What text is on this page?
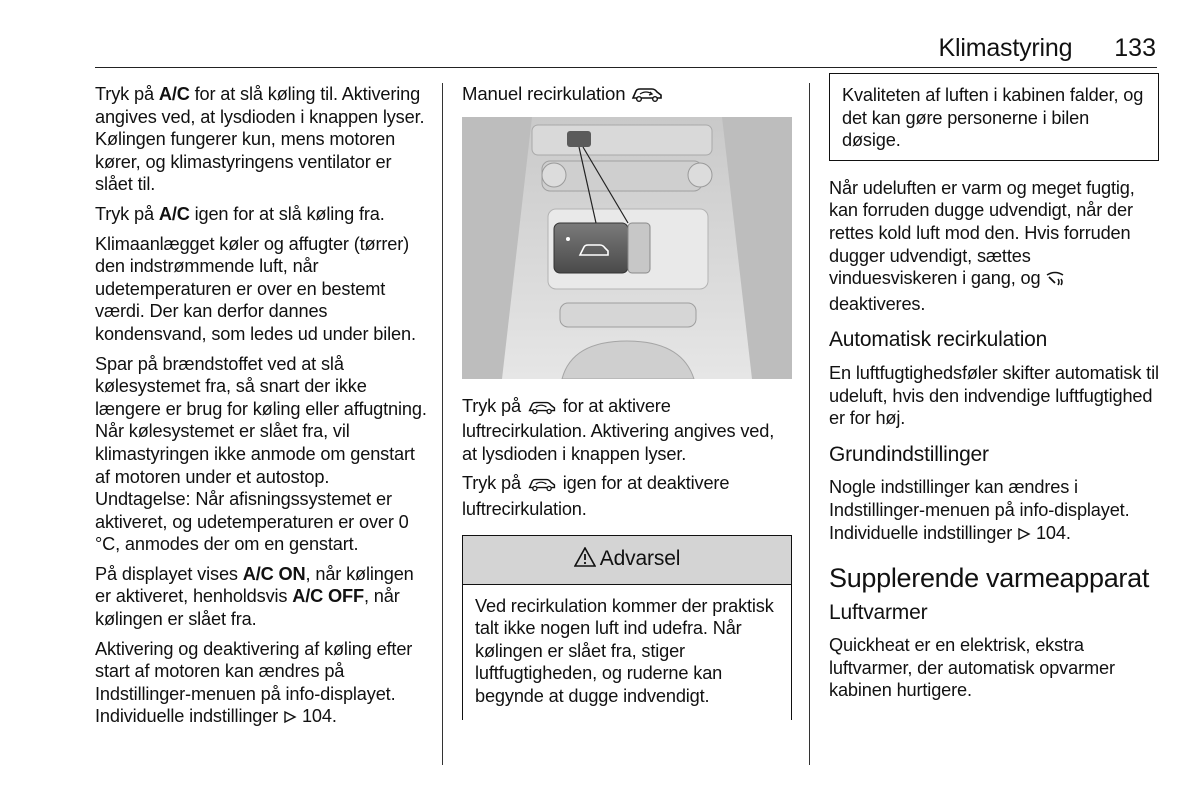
Klimastyring 133

Tryk på A/C for at slå køling til. Aktivering angives ved, at lysdioden i knappen lyser. Kølingen fungerer kun, mens motoren kører, og klimastyringens ventilator er slået til.

Tryk på A/C igen for at slå køling fra.

Klimaanlægget køler og affugter (tørrer) den indstrømmende luft, når udetemperaturen er over en bestemt værdi. Der kan derfor dannes kondensvand, som ledes ud under bilen.

Spar på brændstoffet ved at slå kølesystemet fra, så snart der ikke længere er brug for køling eller affugtning. Når kølesystemet er slået fra, vil klimastyringen ikke anmode om genstart af motoren under et autostop. Undtagelse: Når afisningssystemet er aktiveret, og udetemperaturen er over 0 °C, anmodes der om en genstart.

På displayet vises A/C ON, når kølingen er aktiveret, henholdsvis A/C OFF, når kølingen er slået fra.

Aktivering og deaktivering af køling efter start af motoren kan ændres på Indstillinger-menuen på info-displayet. Individuelle indstillinger  104.

Manuel recirkulation

Tryk på  for at aktivere luftrecirkulation. Aktivering angives ved, at lysdioden i knappen lyser.

Tryk på  igen for at deaktivere luftrecirkulation.

Advarsel
Ved recirkulation kommer der praktisk talt ikke nogen luft ind udefra. Når kølingen er slået fra, stiger luftfugtigheden, og ruderne kan begynde at dugge indvendigt.
Kvaliteten af luften i kabinen falder, og det kan gøre personerne i bilen døsige.

Når udeluften er varm og meget fugtig, kan forruden dugge udvendigt, når der rettes kold luft mod den. Hvis forruden dugger udvendigt, sættes vinduesviskeren i gang, og  deaktiveres.

Automatisk recirkulation

En luftfugtighedsføler skifter automatisk til udeluft, hvis den indvendige luftfugtighed er for høj.

Grundindstillinger

Nogle indstillinger kan ændres i Indstillinger-menuen på info-displayet. Individuelle indstillinger  104.

Supplerende varmeapparat
Luftvarmer

Quickheat er en elektrisk, ekstra luftvarmer, der automatisk opvarmer kabinen hurtigere.
